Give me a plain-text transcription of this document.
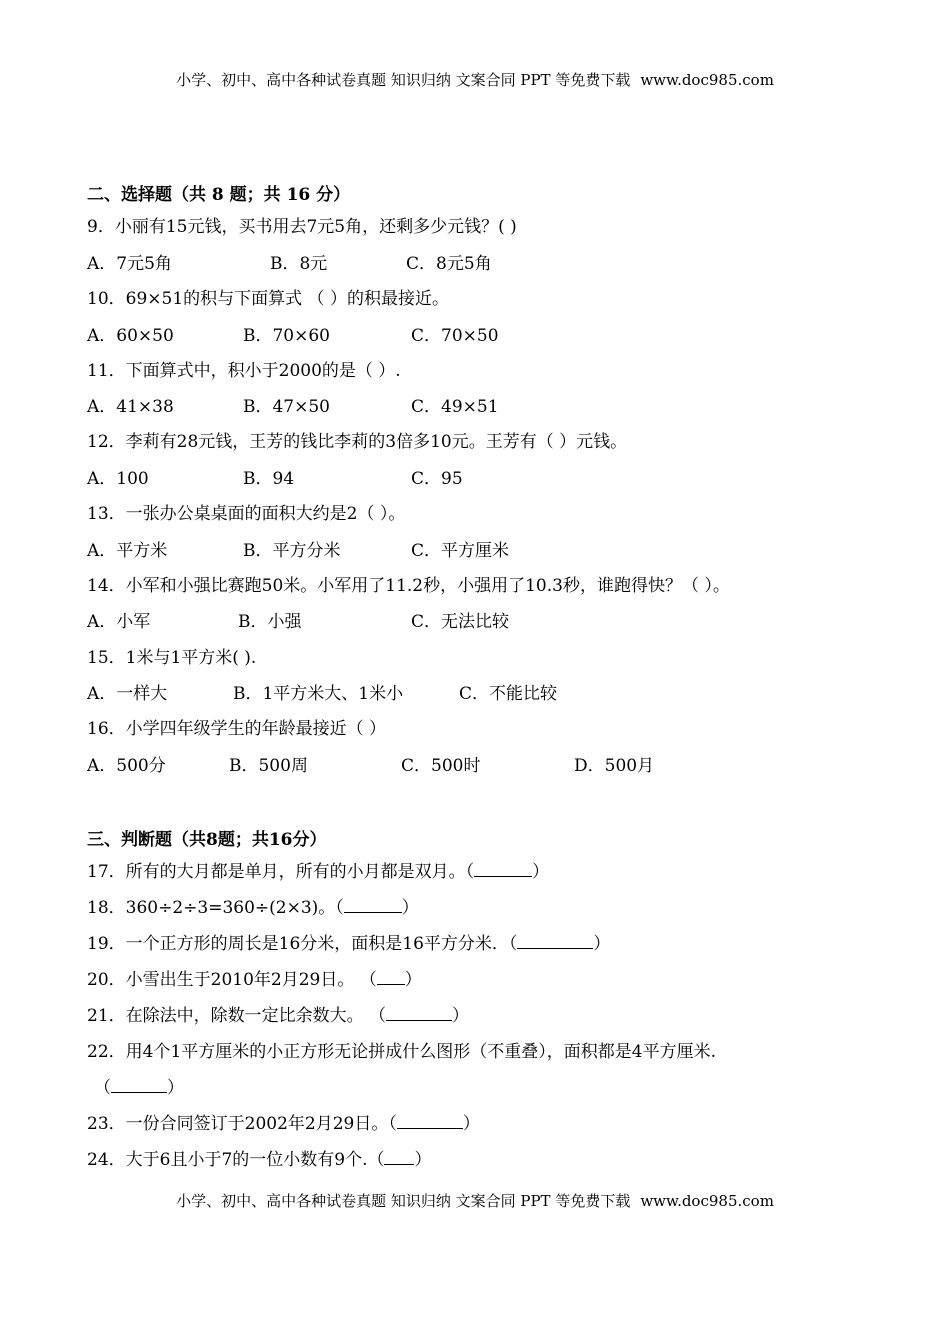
小学、初中、高中各种试卷真题 知识归纳 文案合同 PPT 等免费下载 www.doc985.com
二、选择题（共 8 题；共 16 分）
9．小丽有15元钱，买书用去7元5角，还剩多少元钱？( )
A．7元5角	B．8元	C．8元5角
10．69×51的积与下面算式 （ ）的积最接近。
A．60×50	B．70×60	C．70×50
11．下面算式中，积小于2000的是（ ）.
A．41×38	B．47×50	C．49×51
12．李莉有28元钱，王芳的钱比李莉的3倍多10元。王芳有（ ）元钱。
A．100	B．94	C．95
13．一张办公桌桌面的面积大约是2（ ）。
A．平方米	B．平方分米	C．平方厘米
14．小军和小强比赛跑50米。小军用了11.2秒，小强用了10.3秒，谁跑得快？（ ）。
A．小军	B．小强	C．无法比较
15．1米与1平方米( ).
A．一样大	B．1平方米大、1米小	C．不能比较
16．小学四年级学生的年龄最接近（ ）
A．500分	B．500周	C．500时	D．500月
三、判断题（共8题；共16分）
17．所有的大月都是单月，所有的小月都是双月。（	）
18．360÷2÷3=360÷(2×3)。（	）
19．一个正方形的周长是16分米，面积是16平方分米．（	）
20．小雪出生于2010年2月29日。 （ ）
21．在除法中，除数一定比余数大。 （	）
22．用4个1平方厘米的小正方形无论拼成什么图形（不重叠），面积都是4平方厘米.
（	）
23．一份合同签订于2002年2月29日。（	）
24．大于6且小于7的一位小数有9个.（ ）
小学、初中、高中各种试卷真题 知识归纳 文案合同 PPT 等免费下载 www.doc985.com
